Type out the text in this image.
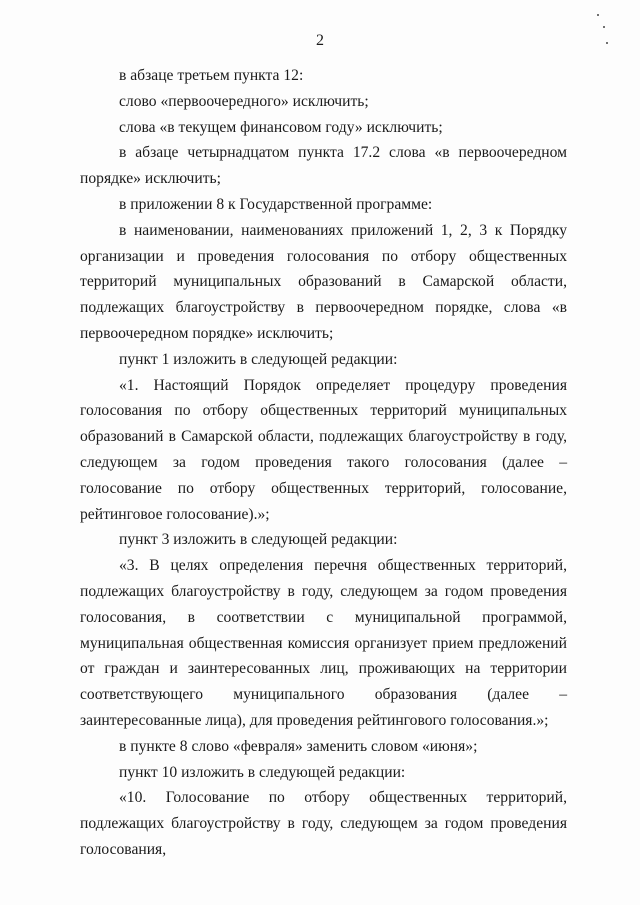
2

в абзаце третьем пункта 12:

слово «первоочередного» исключить;

слова «в текущем финансовом году» исключить;

в абзаце четырнадцатом пункта 17.2 слова «в первоочередном порядке» исключить;

в приложении 8 к Государственной программе:

в наименовании, наименованиях приложений 1, 2, 3 к Порядку организации и проведения голосования по отбору общественных территорий муниципальных образований в Самарской области, подлежащих благоустройству в первоочередном порядке, слова «в первоочередном порядке» исключить;

пункт 1 изложить в следующей редакции:

«1. Настоящий Порядок определяет процедуру проведения голосования по отбору общественных территорий муниципальных образований в Самарской области, подлежащих благоустройству в году, следующем за годом проведения такого голосования (далее – голосование по отбору общественных территорий, голосование, рейтинговое голосование).»;

пункт 3 изложить в следующей редакции:

«3. В целях определения перечня общественных территорий, подлежащих благоустройству в году, следующем за годом проведения голосования, в соответствии с муниципальной программой, муниципальная общественная комиссия организует прием предложений от граждан и заинтересованных лиц, проживающих на территории соответствующего муниципального образования (далее – заинтересованные лица), для проведения рейтингового голосования.»;

в пункте 8 слово «февраля» заменить словом «июня»;

пункт 10 изложить в следующей редакции:

«10. Голосование по отбору общественных территорий, подлежащих благоустройству в году, следующем за годом проведения голосования,
